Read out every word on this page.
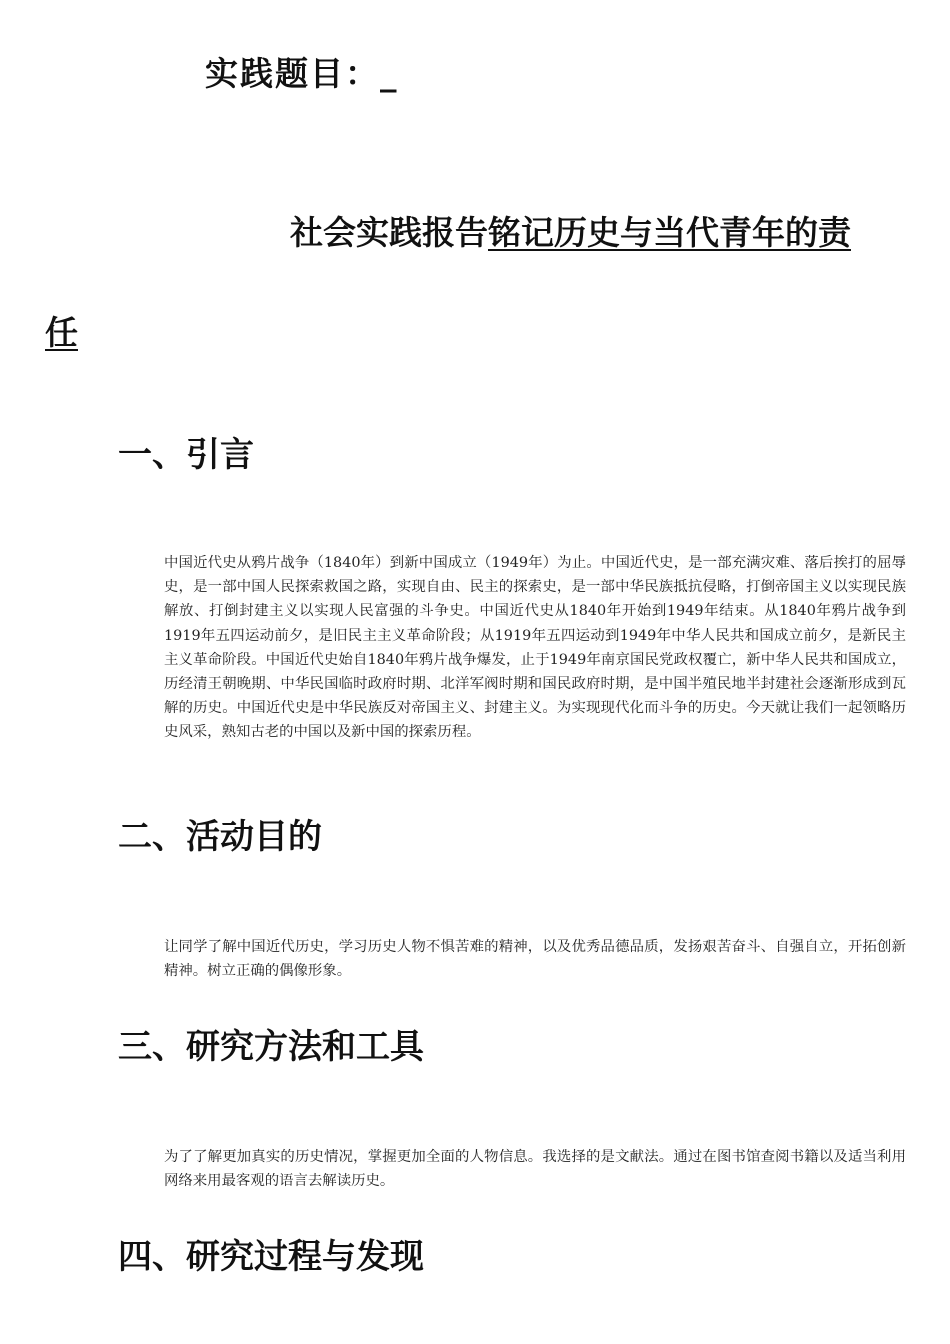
实践题目：_
社会实践报告铭记历史与当代青年的责
任
一、引言
中国近代史从鸦片战争（1840年）到新中国成立（1949年）为止。中国近代史，是一部充满灾难、落后挨打的屈辱史，是一部中国人民探索救国之路，实现自由、民主的探索史，是一部中华民族抵抗侵略，打倒帝国主义以实现民族解放、打倒封建主义以实现人民富强的斗争史。中国近代史从1840年开始到1949年结束。从1840年鸦片战争到1919年五四运动前夕，是旧民主主义革命阶段；从1919年五四运动到1949年中华人民共和国成立前夕，是新民主主义革命阶段。中国近代史始自1840年鸦片战争爆发，止于1949年南京国民党政权覆亡，新中华人民共和国成立，历经清王朝晚期、中华民国临时政府时期、北洋军阀时期和国民政府时期，是中国半殖民地半封建社会逐渐形成到瓦解的历史。中国近代史是中华民族反对帝国主义、封建主义。为实现现代化而斗争的历史。今天就让我们一起领略历史风采，熟知古老的中国以及新中国的探索历程。
二、活动目的
让同学了解中国近代历史，学习历史人物不惧苦难的精神，以及优秀品德品质，发扬艰苦奋斗、自强自立，开拓创新精神。树立正确的偶像形象。
三、研究方法和工具
为了了解更加真实的历史情况，掌握更加全面的人物信息。我选择的是文献法。通过在图书馆查阅书籍以及适当利用网络来用最客观的语言去解读历史。
四、研究过程与发现
